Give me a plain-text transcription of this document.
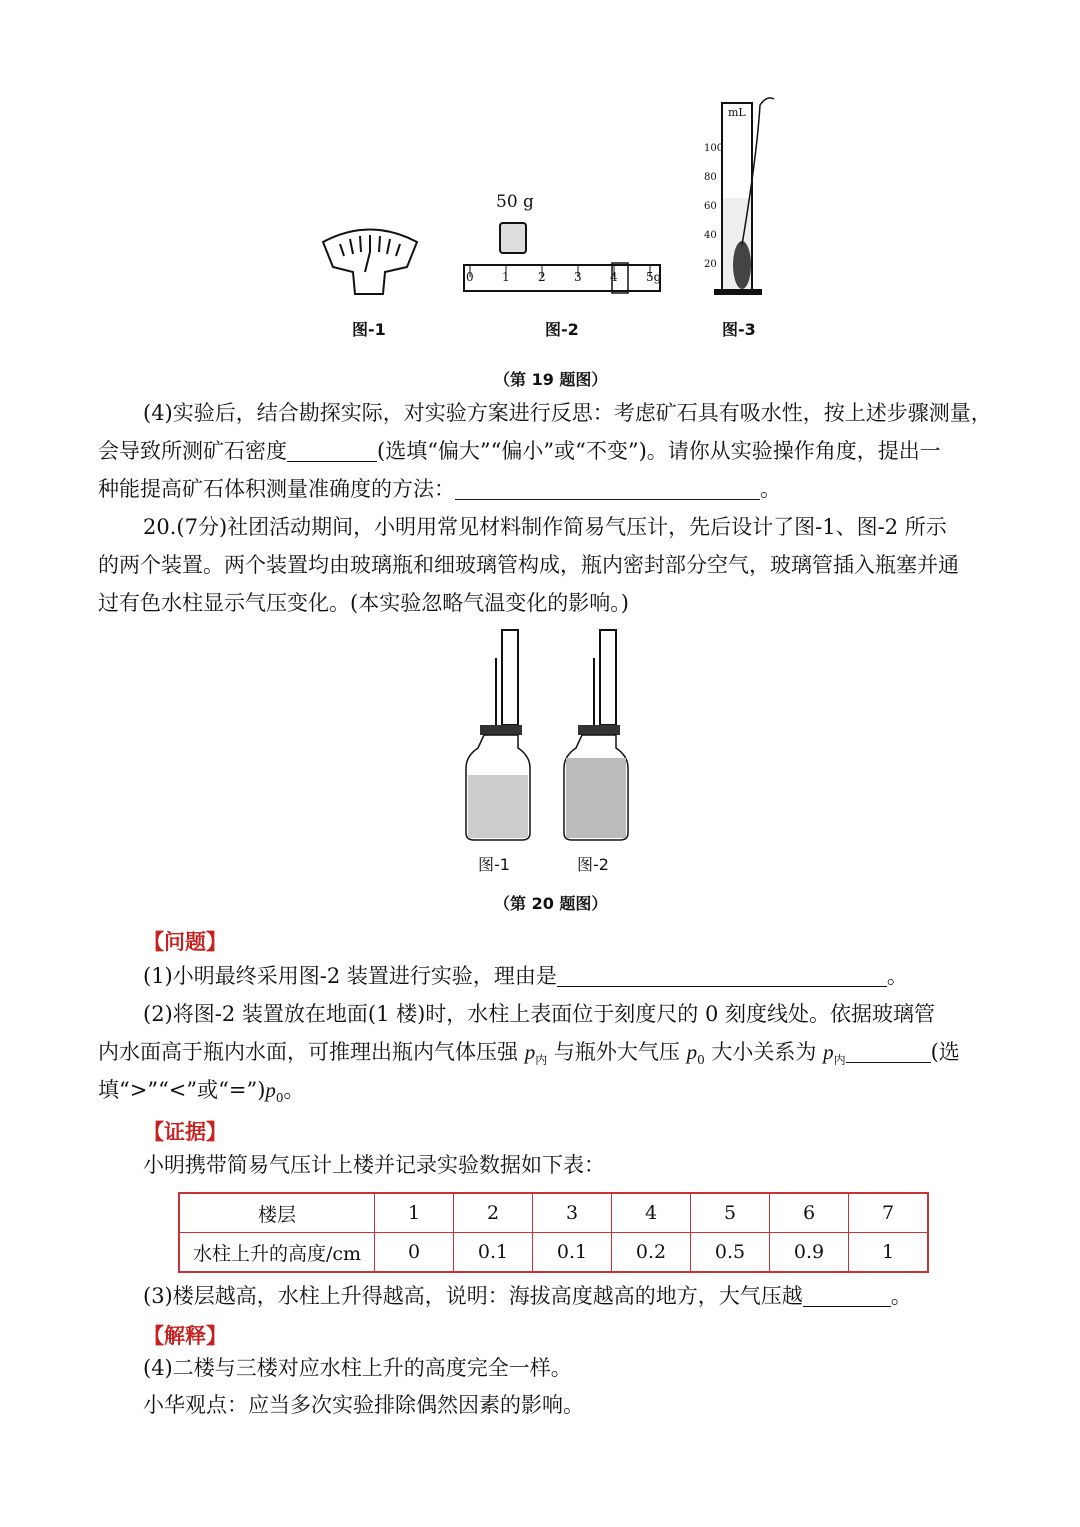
图-1
50 g
0	1	2	3	4	5g
图-2
mL
100
80
60
40
20
图-3
（第 19 题图）
(4)实验后，结合勘探实际，对实验方案进行反思：考虑矿石具有吸水性，按上述步骤测量，
会导致所测矿石密度	(选填“偏大”“偏小”或“不变”)。请你从实验操作角度，提出一
种能提高矿石体积测量准确度的方法：	。
20.(7分)社团活动期间，小明用常见材料制作简易气压计，先后设计了图-1、图-2 所示
的两个装置。两个装置均由玻璃瓶和细玻璃管构成，瓶内密封部分空气，玻璃管插入瓶塞并通
过有色水柱显示气压变化。(本实验忽略气温变化的影响。)
图-1	图-2
（第 20 题图）
【问题】
(1)小明最终采用图-2 装置进行实验，理由是	。
(2)将图-2 装置放在地面(1 楼)时，水柱上表面位于刻度尺的 0 刻度线处。依据玻璃管
内水面高于瓶内水面，可推理出瓶内气体压强 $p_内$ 与瓶外大气压 $p_0$ 大小关系为 $p_内$	(选
填“>”“<”或“$=”)p_0$。
【证据】
小明携带简易气压计上楼并记录实验数据如下表：
楼层	1	2	3	4	5	6	7
水柱上升的高度/cm	0	0.1	0.1	0.2	0.5	0.9	1
(3)楼层越高，水柱上升得越高，说明：海拔高度越高的地方，大气压越	。
【解释】
(4)二楼与三楼对应水柱上升的高度完全一样。
小华观点：应当多次实验排除偶然因素的影响。
